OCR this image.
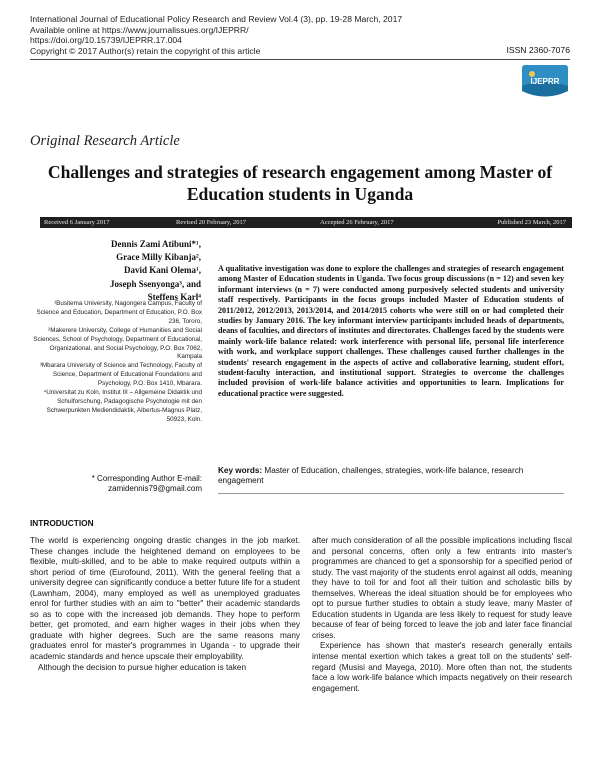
International Journal of Educational Policy Research and Review Vol.4 (3), pp. 19-28 March, 2017
Available online at https://www.journalissues.org/IJEPRR/
https://doi.org/10.15739/IJEPRR.17.004
Copyright © 2017 Author(s) retain the copyright of this article	ISSN 2360-7076
IJEPRR
Original Research Article
Challenges and strategies of research engagement among Master of Education students in Uganda
Received 6 January 2017	Revised 20 February, 2017	Accepted 26 February, 2017	Published 23 March, 2017
Dennis Zami Atibuni*¹,
Grace Milly Kibanja²,
David Kani Olema¹,
Joseph Ssenyonga³, and
Steffens Karl⁴
¹Busitema University, Nagongera Campus, Faculty of Science and Education, Department of Education, P.O. Box 236, Tororo,
²Makerere University, College of Humanities and Social Sciences, School of Psychology, Department of Educational, Organizational, and Social Psychology, P.O. Box 7062, Kampala
³Mbarara University of Science and Technology, Faculty of Science, Department of Educational Foundations and Psychology, P.O. Box 1410, Mbarara.
⁴Universitat zu Koln, Institut III – Allgemeine Didaktik und Schulforschung, Padagogische Psychologie mit den Schwerpunkten Mediendidaktik, Albertus-Magnus Platz, 50923, Koln.
* Corresponding Author E-mail:
zamidennis79@gmail.com
A qualitative investigation was done to explore the challenges and strategies of research engagement among Master of Education students in Uganda. Two focus group discussions (n = 12) and seven key informant interviews (n = 7) were conducted among purposively selected students and university staff respectively. Participants in the focus groups included Master of Education students of 2011/2012, 2012/2013, 2013/2014, and 2014/2015 cohorts who were still on or had completed their studies by January 2016. The key informant interview participants included heads of departments, deans of faculties, and directors of institutes and directorates. Challenges faced by the students were mainly work-life balance related: work interference with personal life, personal life interference with work, and workplace support challenges. These challenges caused further challenges in the students' research engagement in the aspects of active and collaborative learning, student effort, student-faculty interaction, and institutional support. Strategies to overcome the challenges included provision of work-life balance activities and opportunities to learn. Implications for educational practice were suggested.
Key words: Master of Education, challenges, strategies, work-life balance, research engagement
INTRODUCTION

The world is experiencing ongoing drastic changes in the job market. These changes include the heightened demand on employees to be flexible, multi-skilled, and to be able to make required outputs within a short period of time (Eurofound, 2011). With the general feeling that a university degree can significantly conduce a better future life for a student (Lawnham, 2004), many employed as well as unemployed graduates enrol for further studies with an aim to "better" their academic standards so as to cope with the increased job demands. They hope to perform better, get promoted, and earn higher wages in their jobs when they graduate with higher degrees. Such are the same reasons many graduates enrol for master's programmes in Uganda - to upgrade their academic standards and hence upscale their employability.

Although the decision to pursue higher education is taken

after much consideration of all the possible implications including fiscal and personal concerns, often only a few entrants into master's programmes are chanced to get a sponsorship for a specified period of study. The vast majority of the students enrol against all odds, meaning they have to toil for and foot all their tuition and scholastic bills by themselves. Whereas the ideal situation should be for employees who opt to pursue further studies to obtain a study leave, many Master of Education students in Uganda are less likely to request for study leave because of fear of being forced to leave the job and later face financial crises.

Experience has shown that master's research generally entails intense mental exertion which takes a great toll on the students' self-regard (Musisi and Mayega, 2010). More often than not, the students face a low work-life balance which impacts negatively on their research engagement.
